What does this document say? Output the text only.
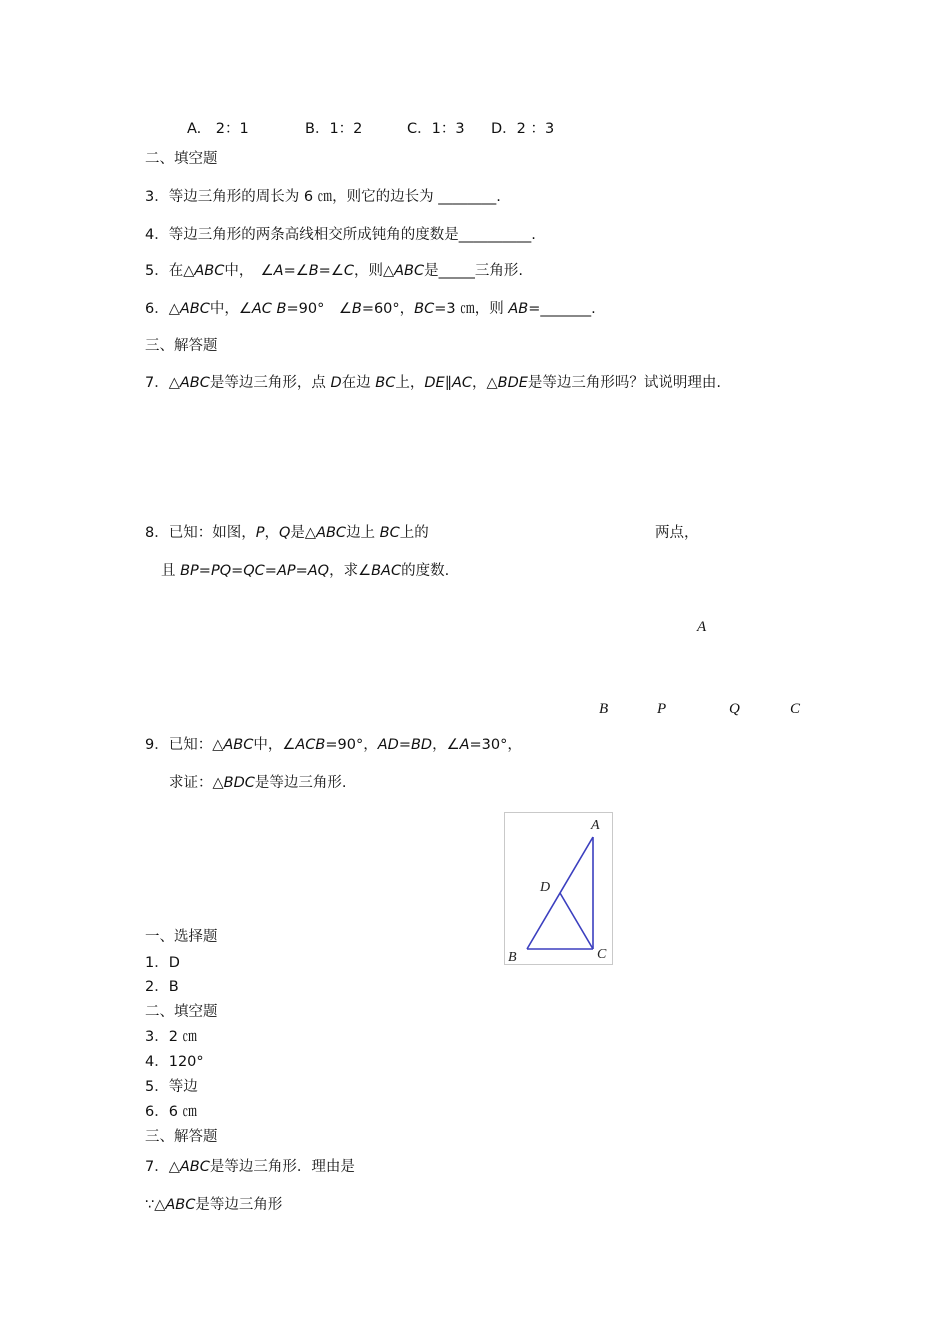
A.　2：1	B．1：2	C．1：3 D．2 ：3
二、填空题
3．等边三角形的周长为 6 ㎝，则它的边长为 ________.
4．等边三角形的两条高线相交所成钝角的度数是__________.
5．在△ABC中，　∠A=∠B=∠C，则△ABC是_____三角形.
6．△ABC中，∠AC B=90°　∠B=60°，BC=3 ㎝，则 AB=_______.
三、解答题
7．△ABC是等边三角形，点 D在边 BC上，DE∥AC，△BDE是等边三角形吗？试说明理由.
8．已知：如图，P，Q是△ABC边上 BC上的	两点，
且 BP=PQ=QC=AP=AQ，求∠BAC的度数.
A
B	P	Q	C
9．已知：△ABC中，∠ACB=90°，AD=BD，∠A=30°，
求证：△BDC是等边三角形.
A
D
B	C
一、选择题
1．D
2．B
二、填空题
3．2 ㎝
4．120°
5．等边
6．6 ㎝
三、解答题
7．△ABC是等边三角形．理由是
∵△ABC是等边三角形
